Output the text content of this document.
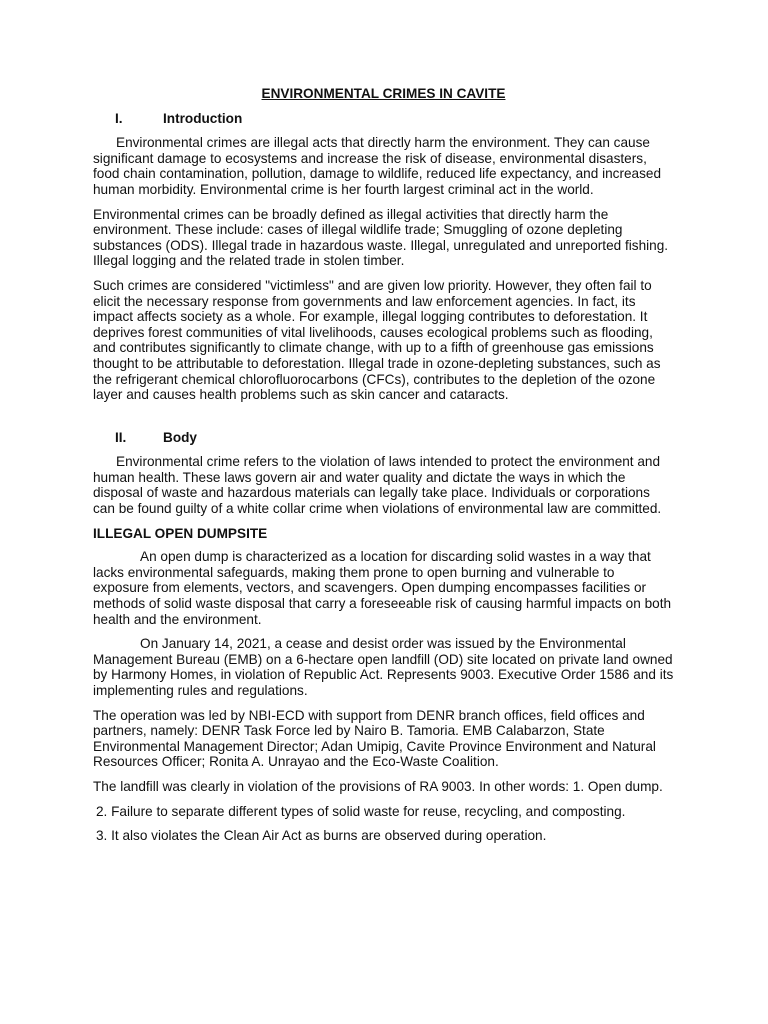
ENVIRONMENTAL CRIMES IN CAVITE
I.	Introduction

Environmental crimes are illegal acts that directly harm the environment. They can cause significant damage to ecosystems and increase the risk of disease, environmental disasters, food chain contamination, pollution, damage to wildlife, reduced life expectancy, and increased human morbidity. Environmental crime is her fourth largest criminal act in the world.

Environmental crimes can be broadly defined as illegal activities that directly harm the environment. These include: cases of illegal wildlife trade; Smuggling of ozone depleting substances (ODS). Illegal trade in hazardous waste. Illegal, unregulated and unreported fishing. Illegal logging and the related trade in stolen timber.

Such crimes are considered "victimless" and are given low priority. However, they often fail to elicit the necessary response from governments and law enforcement agencies. In fact, its impact affects society as a whole. For example, illegal logging contributes to deforestation. It deprives forest communities of vital livelihoods, causes ecological problems such as flooding, and contributes significantly to climate change, with up to a fifth of greenhouse gas emissions thought to be attributable to deforestation. Illegal trade in ozone-depleting substances, such as the refrigerant chemical chlorofluorocarbons (CFCs), contributes to the depletion of the ozone layer and causes health problems such as skin cancer and cataracts.

II.	Body

Environmental crime refers to the violation of laws intended to protect the environment and human health. These laws govern air and water quality and dictate the ways in which the disposal of waste and hazardous materials can legally take place. Individuals or corporations can be found guilty of a white collar crime when violations of environmental law are committed.

ILLEGAL OPEN DUMPSITE

An open dump is characterized as a location for discarding solid wastes in a way that lacks environmental safeguards, making them prone to open burning and vulnerable to exposure from elements, vectors, and scavengers. Open dumping encompasses facilities or methods of solid waste disposal that carry a foreseeable risk of causing harmful impacts on both health and the environment.

On January 14, 2021, a cease and desist order was issued by the Environmental Management Bureau (EMB) on a 6-hectare open landfill (OD) site located on private land owned by Harmony Homes, in violation of Republic Act. Represents 9003. Executive Order 1586 and its implementing rules and regulations.

The operation was led by NBI-ECD with support from DENR branch offices, field offices and partners, namely: DENR Task Force led by Nairo B. Tamoria. EMB Calabarzon, State Environmental Management Director; Adan Umipig, Cavite Province Environment and Natural Resources Officer; Ronita A. Unrayao and the Eco-Waste Coalition.

The landfill was clearly in violation of the provisions of RA 9003. In other words: 1. Open dump.

2. Failure to separate different types of solid waste for reuse, recycling, and composting.

3. It also violates the Clean Air Act as burns are observed during operation.
